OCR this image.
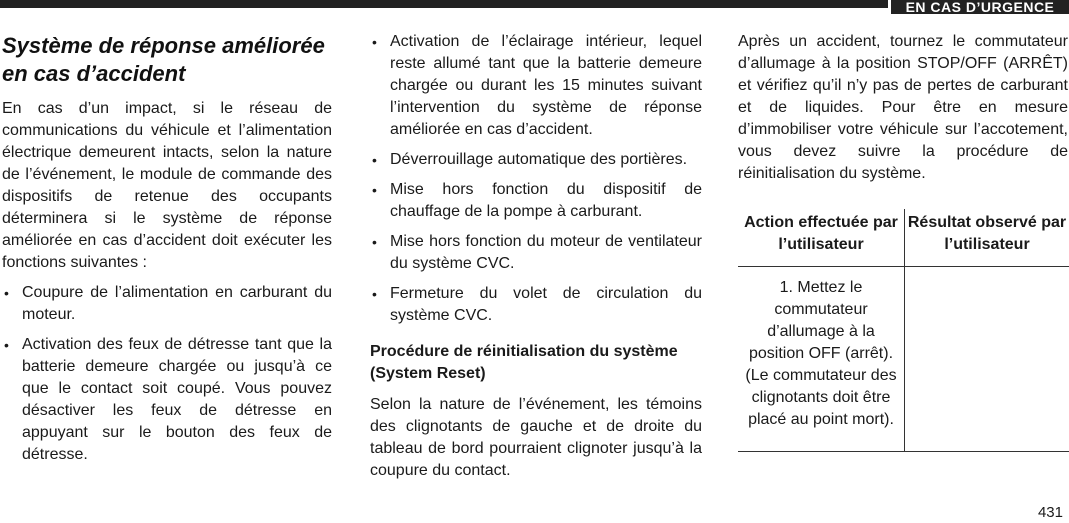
EN CAS D’URGENCE
Système de réponse améliorée en cas d’accident

En cas d’un impact, si le réseau de communications du véhicule et l’alimentation électrique demeurent intacts, selon la nature de l’événement, le module de commande des dispositifs de retenue des occupants déterminera si le système de réponse améliorée en cas d’accident doit exécuter les fonctions suivantes :

• Coupure de l’alimentation en carburant du moteur.
• Activation des feux de détresse tant que la batterie demeure chargée ou jusqu’à ce que le contact soit coupé. Vous pouvez désactiver les feux de détresse en appuyant sur le bouton des feux de détresse.
• Activation de l’éclairage intérieur, lequel reste allumé tant que la batterie demeure chargée ou durant les 15 minutes suivant l’intervention du système de réponse améliorée en cas d’accident.
• Déverrouillage automatique des portières.
• Mise hors fonction du dispositif de chauffage de la pompe à carburant.
• Mise hors fonction du moteur de ventilateur du système CVC.
• Fermeture du volet de circulation du système CVC.
Procédure de réinitialisation du système (System Reset)

Selon la nature de l’événement, les témoins des clignotants de gauche et de droite du tableau de bord pourraient clignoter jusqu’à la coupure du contact.

Après un accident, tournez le commutateur d’allumage à la position STOP/OFF (ARRÊT) et vérifiez qu’il n’y pas de pertes de carburant et de liquides. Pour être en mesure d’immobiliser votre véhicule sur l’accotement, vous devez suivre la procédure de réinitialisation du système.

Action effectuée par l’utilisateur	Résultat observé par l’utilisateur
1. Mettez le commutateur d’allumage à la position OFF (arrêt). (Le commutateur des clignotants doit être placé au point mort).	
431
